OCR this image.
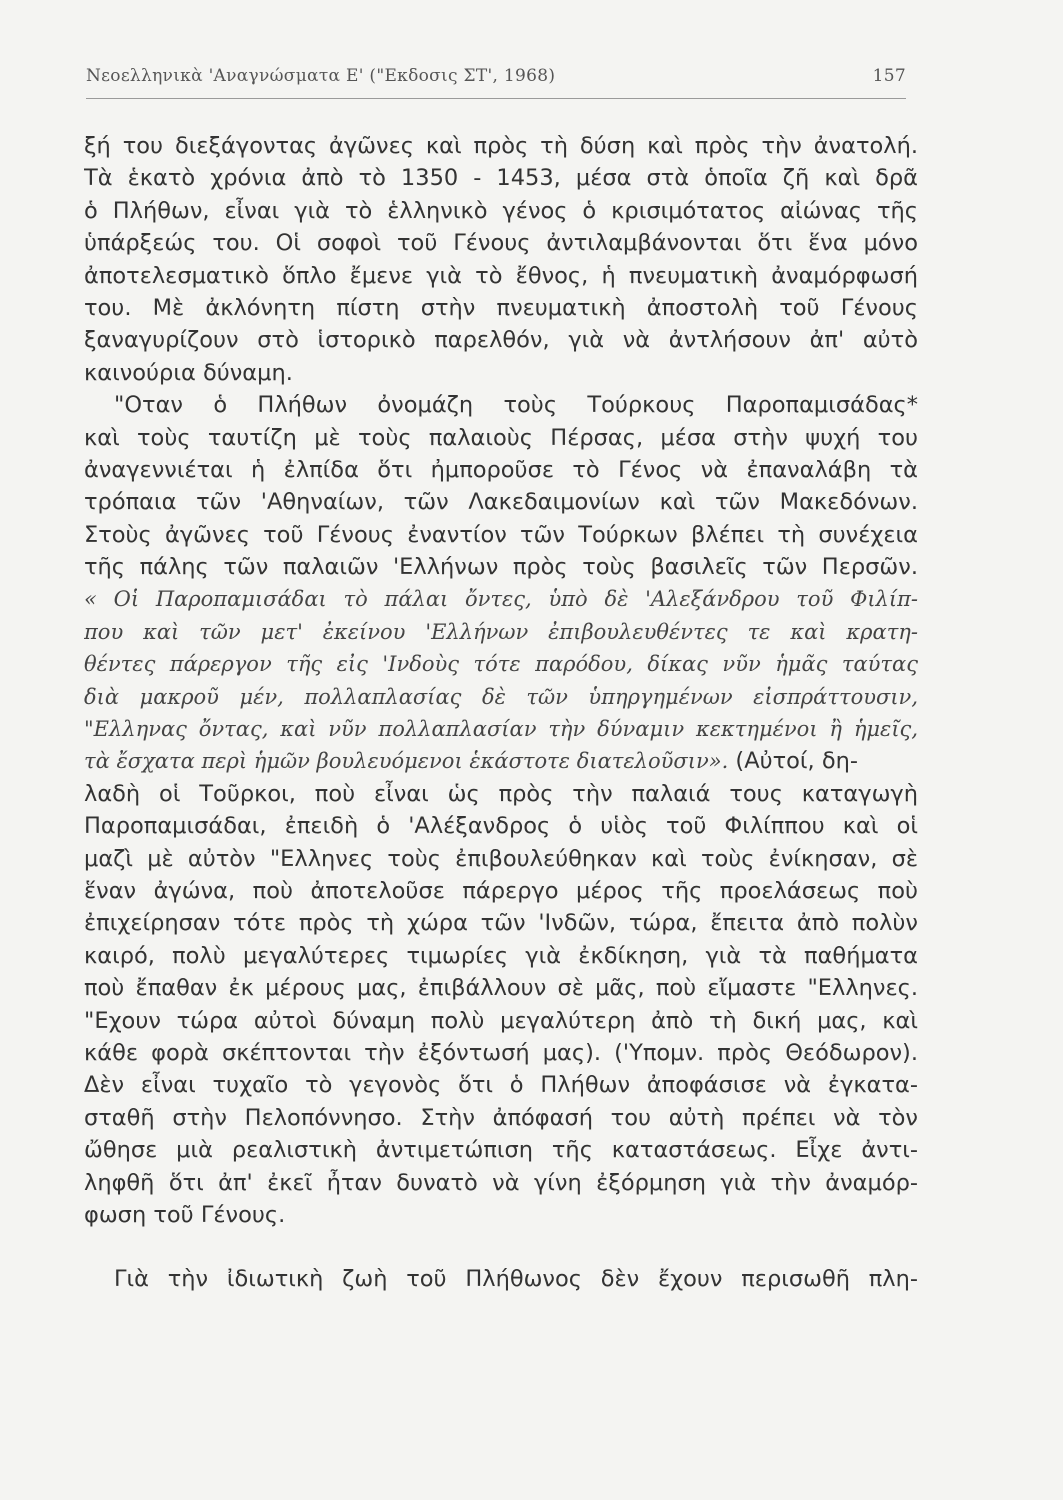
Νεοελληνικὰ 'Αναγνώσματα Ε' ("Εκδοσις ΣΤ', 1968)	157
ξή του διεξάγοντας ἀγῶνες καὶ πρὸς τὴ δύση καὶ πρὸς τὴν ἀνατολή.
Τὰ ἑκατὸ χρόνια ἀπὸ τὸ 1350 - 1453, μέσα στὰ ὁποῖα ζῆ καὶ δρᾶ
ὁ Πλήθων, εἶναι γιὰ τὸ ἑλληνικὸ γένος ὁ κρισιμότατος αἰώνας τῆς
ὑπάρξεώς του. Οἱ σοφοὶ τοῦ Γένους ἀντιλαμβάνονται ὅτι ἕνα μόνο
ἀποτελεσματικὸ ὅπλο ἔμενε γιὰ τὸ ἔθνος, ἡ πνευματικὴ ἀναμόρφωσή
του. Μὲ ἀκλόνητη πίστη στὴν πνευματικὴ ἀποστολὴ τοῦ Γένους
ξαναγυρίζουν στὸ ἱστορικὸ παρελθόν, γιὰ νὰ ἀντλήσουν ἀπ' αὐτὸ
καινούρια δύναμη.
"Οταν ὁ Πλήθων ὀνομάζη τοὺς Τούρκους Παροπαμισάδας*
καὶ τοὺς ταυτίζη μὲ τοὺς παλαιοὺς Πέρσας, μέσα στὴν ψυχή του
ἀναγεννιέται ἡ ἐλπίδα ὅτι ἠμποροῦσε τὸ Γένος νὰ ἐπαναλάβη τὰ
τρόπαια τῶν 'Αθηναίων, τῶν Λακεδαιμονίων καὶ τῶν Μακεδόνων.
Στοὺς ἀγῶνες τοῦ Γένους ἐναντίον τῶν Τούρκων βλέπει τὴ συνέχεια
τῆς πάλης τῶν παλαιῶν 'Ελλήνων πρὸς τοὺς βασιλεῖς τῶν Περσῶν.
« Οἱ Παροπαμισάδαι τὸ πάλαι ὄντες, ὑπὸ δὲ 'Αλεξάνδρου τοῦ Φιλίπ-
που καὶ τῶν μετ' ἐκείνου 'Ελλήνων ἐπιβουλευθέντες τε καὶ κρατη-
θέντες πάρεργον τῆς εἰς 'Ινδοὺς τότε παρόδου, δίκας νῦν ἡμᾶς ταύτας
διὰ μακροῦ μέν, πολλαπλασίας δὲ τῶν ὑπηργημένων εἰσπράττουσιν,
"Ελληνας ὄντας, καὶ νῦν πολλαπλασίαν τὴν δύναμιν κεκτημένοι ἢ ἡμεῖς,
τὰ ἔσχατα περὶ ἡμῶν βουλευόμενοι ἑκάστοτε διατελοῦσιν». (Αὐτοί, δη-
λαδὴ οἱ Τοῦρκοι, ποὺ εἶναι ὡς πρὸς τὴν παλαιά τους καταγωγὴ
Παροπαμισάδαι, ἐπειδὴ ὁ 'Αλέξανδρος ὁ υἱὸς τοῦ Φιλίππου καὶ οἱ
μαζὶ μὲ αὐτὸν "Ελληνες τοὺς ἐπιβουλεύθηκαν καὶ τοὺς ἐνίκησαν, σὲ
ἕναν ἀγώνα, ποὺ ἀποτελοῦσε πάρεργο μέρος τῆς προελάσεως ποὺ
ἐπιχείρησαν τότε πρὸς τὴ χώρα τῶν 'Ινδῶν, τώρα, ἔπειτα ἀπὸ πολὺν
καιρό, πολὺ μεγαλύτερες τιμωρίες γιὰ ἐκδίκηση, γιὰ τὰ παθήματα
ποὺ ἔπαθαν ἐκ μέρους μας, ἐπιβάλλουν σὲ μᾶς, ποὺ εἴμαστε "Ελληνες.
"Εχουν τώρα αὐτοὶ δύναμη πολὺ μεγαλύτερη ἀπὸ τὴ δική μας, καὶ
κάθε φορὰ σκέπτονται τὴν ἐξόντωσή μας). ('Υπομν. πρὸς Θεόδωρον).
Δὲν εἶναι τυχαῖο τὸ γεγονὸς ὅτι ὁ Πλήθων ἀποφάσισε νὰ ἐγκατα-
σταθῆ στὴν Πελοπόννησο. Στὴν ἀπόφασή του αὐτὴ πρέπει νὰ τὸν
ὤθησε μιὰ ρεαλιστικὴ ἀντιμετώπιση τῆς καταστάσεως. Εἶχε ἀντι-
ληφθῆ ὅτι ἀπ' ἐκεῖ ἦταν δυνατὸ νὰ γίνη ἐξόρμηση γιὰ τὴν ἀναμόρ-
φωση τοῦ Γένους.
Γιὰ τὴν ἰδιωτικὴ ζωὴ τοῦ Πλήθωνος δὲν ἔχουν περισωθῆ πλη-
